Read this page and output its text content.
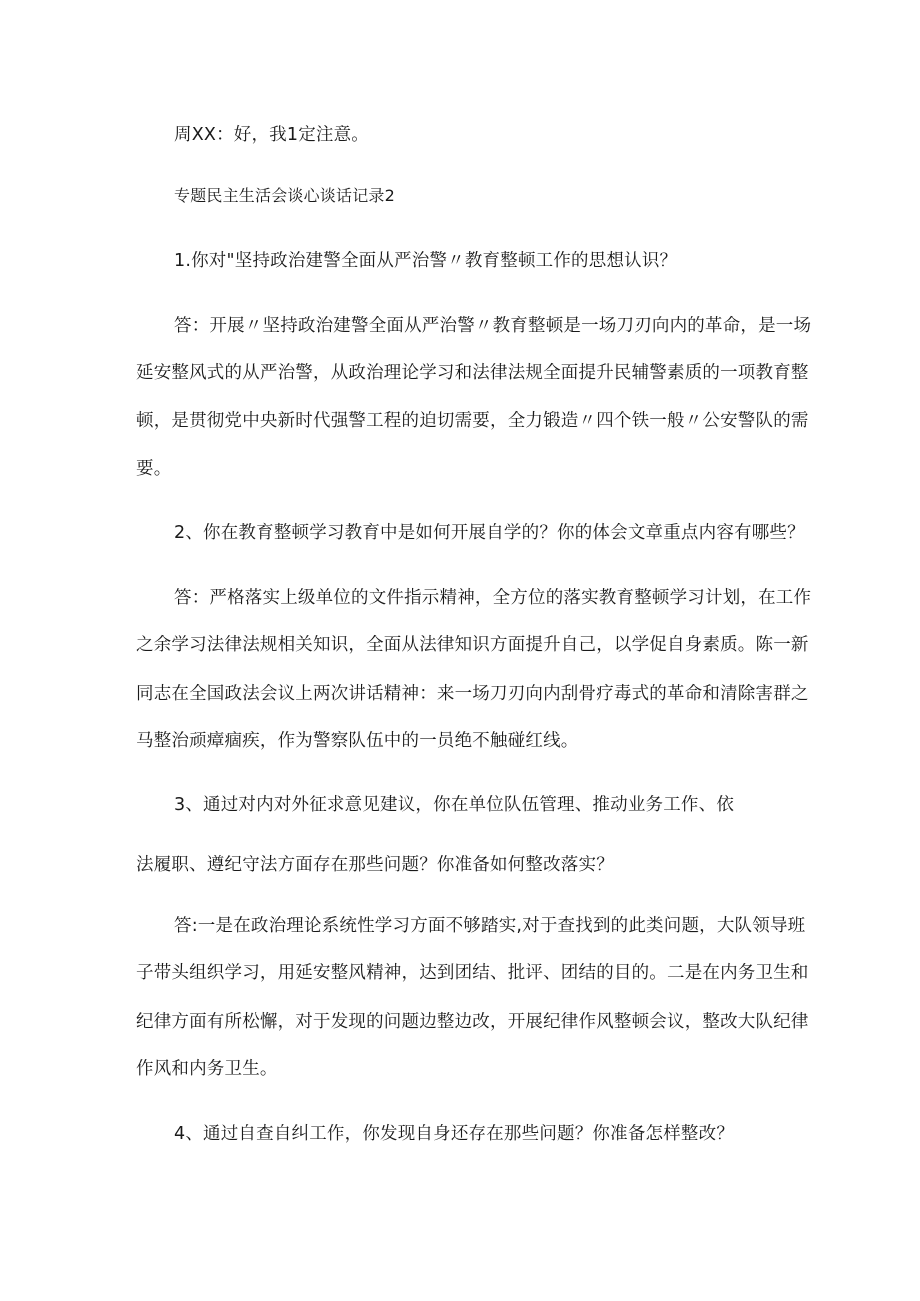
周XX：好，我1定注意。

专题民主生活会谈心谈话记录2

1.你对"坚持政治建警全面从严治警〃教育整顿工作的思想认识？

答：开展〃坚持政治建警全面从严治警〃教育整顿是一场刀刃向内的革命，是一场

延安整风式的从严治警，从政治理论学习和法律法规全面提升民辅警素质的一项教育整

顿，是贯彻党中央新时代强警工程的迫切需要，全力锻造〃四个铁一般〃公安警队的需

要。

2、你在教育整顿学习教育中是如何开展自学的？你的体会文章重点内容有哪些？

答：严格落实上级单位的文件指示精神，全方位的落实教育整顿学习计划，在工作

之余学习法律法规相关知识，全面从法律知识方面提升自己，以学促自身素质。陈一新

同志在全国政法会议上两次讲话精神：来一场刀刃向内刮骨疗毒式的革命和清除害群之

马整治顽瘴痼疾，作为警察队伍中的一员绝不触碰红线。

3、通过对内对外征求意见建议，你在单位队伍管理、推动业务工作、依

法履职、遵纪守法方面存在那些问题？你准备如何整改落实？

答:一是在政治理论系统性学习方面不够踏实,对于查找到的此类问题，大队领导班

子带头组织学习，用延安整风精神，达到团结、批评、团结的目的。二是在内务卫生和

纪律方面有所松懈，对于发现的问题边整边改，开展纪律作风整顿会议，整改大队纪律

作风和内务卫生。

4、通过自查自纠工作，你发现自身还存在那些问题？你准备怎样整改？
